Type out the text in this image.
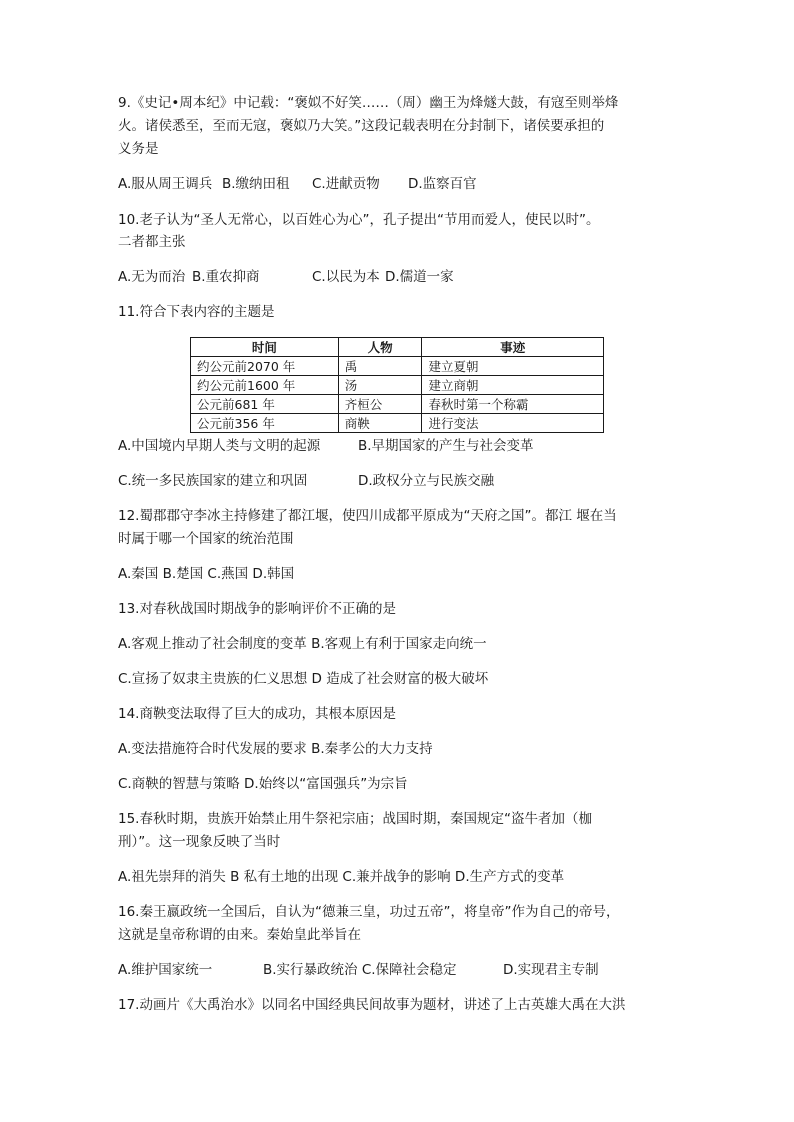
9.《史记•周本纪》中记载：“褒姒不好笑……（周）幽王为烽燧大鼓，有寇至则举烽
火。诸侯悉至，至而无寇，褒姒乃大笑。”这段记载表明在分封制下，诸侯要承担的
义务是
A.服从周王调兵 B.缴纳田租 C.进献贡物 D.监察百官
10.老子认为“圣人无常心，以百姓心为心”，孔子提出“节用而爱人，使民以时”。
二者都主张
A.无为而治 B.重农抑商	C.以民为本 D.儒道一家
11.符合下表内容的主题是
时间	人物	事迹
约公元前2070 年	禹	建立夏朝
约公元前1600 年	汤	建立商朝
公元前681 年	齐桓公	春秋时第一个称霸
公元前356 年	商鞅	进行变法
A.中国境内早期人类与文明的起源	B.早期国家的产生与社会变革
C.统一多民族国家的建立和巩固	D.政权分立与民族交融
12.蜀郡郡守李冰主持修建了都江堰，使四川成都平原成为“天府之国”。都江 堰在当
时属于哪一个国家的统治范围
A.秦国 B.楚国 C.燕国 D.韩国
13.对春秋战国时期战争的影响评价不正确的是
A.客观上推动了社会制度的变革 B.客观上有利于国家走向统一
C.宣扬了奴隶主贵族的仁义思想 D 造成了社会财富的极大破坏
14.商鞅变法取得了巨大的成功，其根本原因是
A.变法措施符合时代发展的要求 B.秦孝公的大力支持
C.商鞅的智慧与策略 D.始终以“富国强兵”为宗旨
15.春秋时期，贵族开始禁止用牛祭祀宗庙；战国时期，秦国规定“盗牛者加（枷
刑）”。这一现象反映了当时
A.祖先崇拜的消失 B 私有土地的出现 C.兼并战争的影响 D.生产方式的变革
16.秦王嬴政统一全国后，自认为“德兼三皇，功过五帝”，将皇帝”作为自己的帝号，
这就是皇帝称谓的由来。秦始皇此举旨在
A.维护国家统一	B.实行暴政统治 C.保障社会稳定	D.实现君主专制
17.动画片《大禹治水》以同名中国经典民间故事为题材，讲述了上古英雄大禹在大洪
